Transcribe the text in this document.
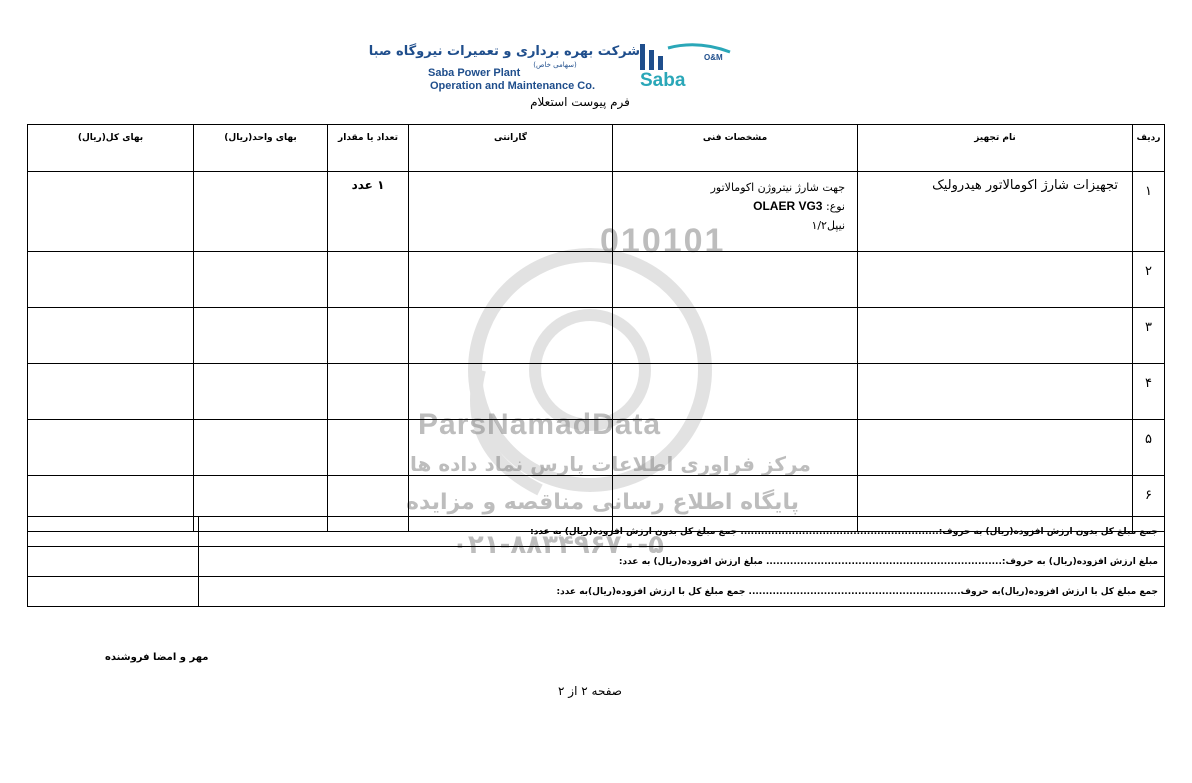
O&M
Saba
شرکت بهره برداری و تعمیرات نیروگاه صبا
(سهامی خاص)
Saba Power Plant
Operation and Maintenance Co.
فرم پیوست استعلام
010101
ParsNamadData
مرکز فراوری اطلاعات پارس نماد داده ها
پایگاه اطلاع رسانی مناقصه و مزایده
۰۲۱-۸۸۳۴۹۶۷۰-۵
ردیف	نام تجهیز	مشخصات فنی	گارانتی	تعداد یا مقدار	بهای واحد(ریال)	بهای کل(ریال)
۱	تجهیزات شارژ اکومالاتور هیدرولیک	جهت شارژ نیتروژن اکومالاتور
نوع: OLAER VG3
نیپل۱/۲		۱ عدد		
۲						
۳						
۴						
۵						
۶						
جمع مبلغ کل بدون ارزش افزوده(ریال) به حروف:.......................................................... جمع مبلغ کل بدون ارزش افزوده(ریال) به عدد:	
مبلغ ارزش افزوده(ریال) به حروف:..................................................................... مبلغ ارزش افزوده(ریال) به عدد:	
جمع مبلغ کل با ارزش افزوده(ریال)به حروف.............................................................. جمع مبلغ کل با ارزش افزوده(ریال)به عدد:	
مهر و امضا فروشنده
صفحه ۲ از ۲
